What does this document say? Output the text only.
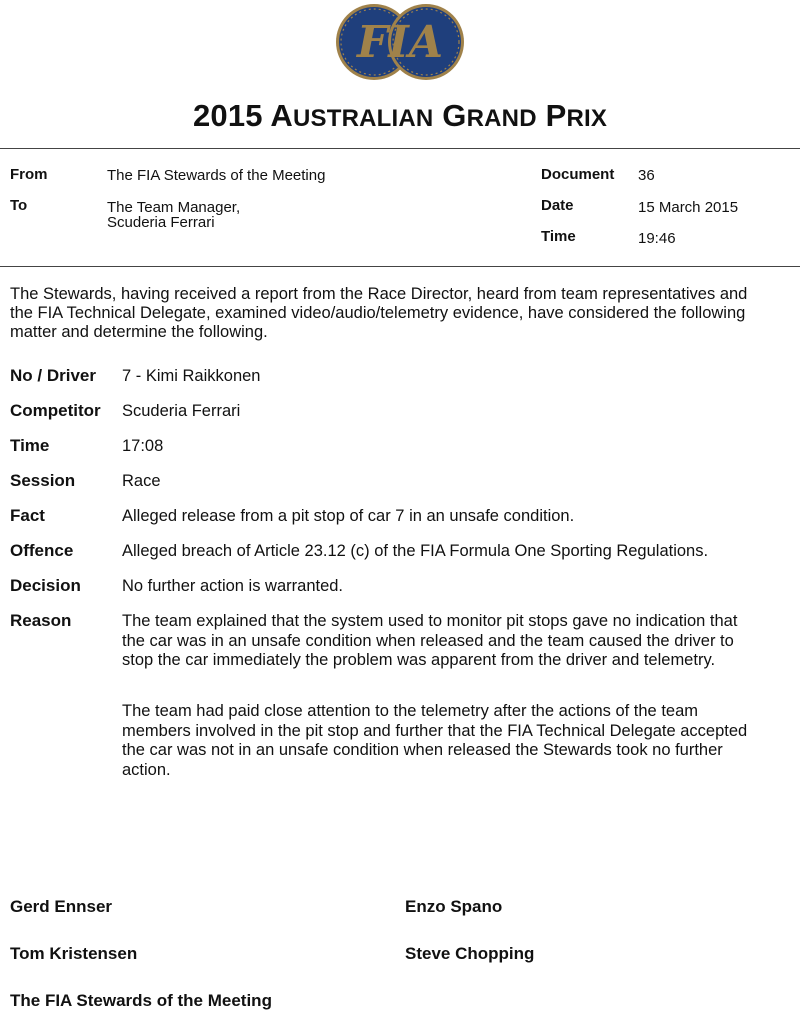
FIA
2015 AUSTRALIAN GRAND PRIX
From	The FIA Stewards of the Meeting
To	The Team Manager,
Scuderia Ferrari
Document 36
Date	15 March 2015
Time	19:46
The Stewards, having received a report from the Race Director, heard from team representatives and
the FIA Technical Delegate, examined video/audio/telemetry evidence, have considered the following
matter and determine the following.
No / Driver 7 - Kimi Raikkonen
Competitor Scuderia Ferrari
Time	17:08
Session	Race
Fact	Alleged release from a pit stop of car 7 in an unsafe condition.
Offence	Alleged breach of Article 23.12 (c) of the FIA Formula One Sporting Regulations.
Decision No further action is warranted.
Reason	The team explained that the system used to monitor pit stops gave no indication that
the car was in an unsafe condition when released and the team caused the driver to
stop the car immediately the problem was apparent from the driver and telemetry.
The team had paid close attention to the telemetry after the actions of the team
members involved in the pit stop and further that the FIA Technical Delegate accepted
the car was not in an unsafe condition when released the Stewards took no further
action.
Gerd Ennser	Enzo Spano
Tom Kristensen	Steve Chopping
The FIA Stewards of the Meeting
